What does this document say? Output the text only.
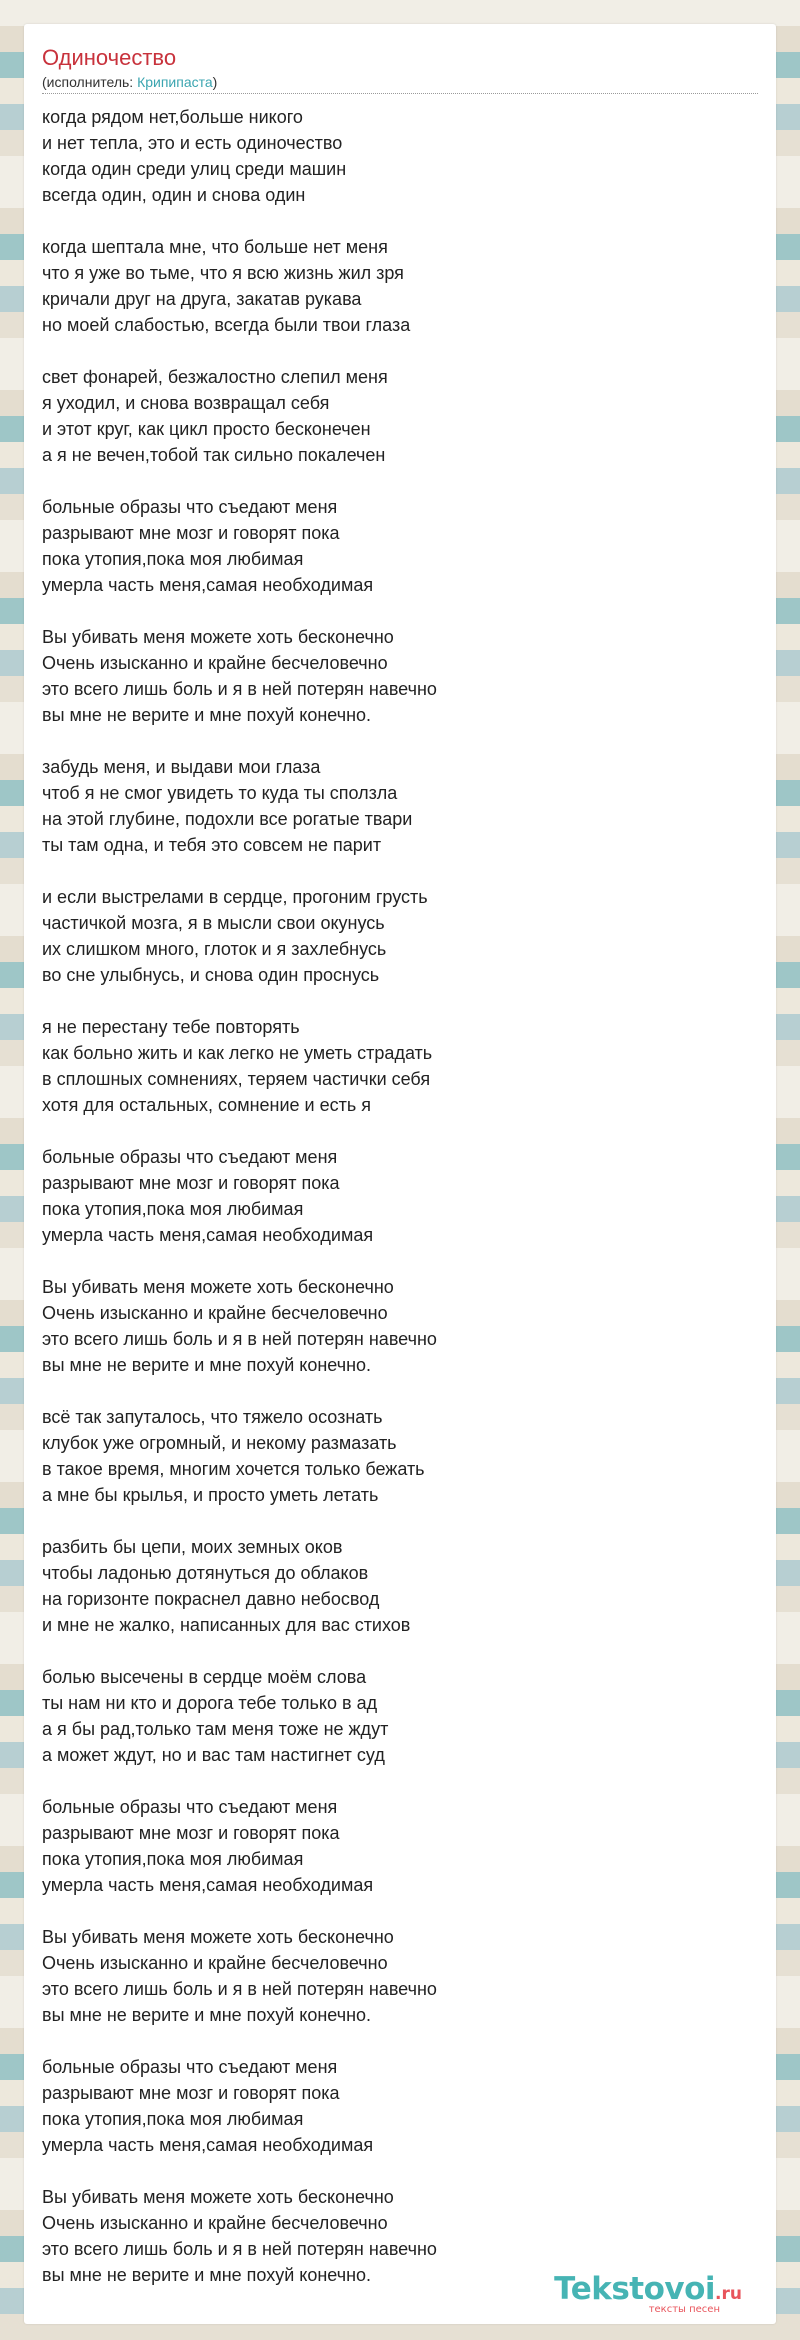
Одиночество
(исполнитель: Крипипаста)
когда рядом нет,больше никого
и нет тепла, это и есть одиночество
когда один среди улиц среди машин
всегда один, один и снова один
когда шептала мне, что больше нет меня
что я уже во тьме, что я всю жизнь жил зря
кричали друг на друга, закатав рукава
но моей слабостью, всегда были твои глаза
свет фонарей, безжалостно слепил меня
я уходил, и снова возвращал себя
и этот круг, как цикл просто бесконечен
а я не вечен,тобой так сильно покалечен
больные образы что съедают меня
разрывают мне мозг и говорят пока
пока утопия,пока моя любимая
умерла часть меня,самая необходимая
Вы убивать меня можете хоть бесконечно
Очень изысканно и крайне бесчеловечно
это всего лишь боль и я в ней потерян навечно
вы мне не верите и мне похуй конечно.
забудь меня, и выдави мои глаза
чтоб я не смог увидеть то куда ты сползла
на этой глубине, подохли все рогатые твари
ты там одна, и тебя это совсем не парит
и если выстрелами в сердце, прогоним грусть
частичкой мозга, я в мысли свои окунусь
их слишком много, глоток и я захлебнусь
во сне улыбнусь, и снова один проснусь
я не перестану тебе повторять
как больно жить и как легко не уметь страдать
в сплошных сомнениях, теряем частички себя
хотя для остальных, сомнение и есть я
больные образы что съедают меня
разрывают мне мозг и говорят пока
пока утопия,пока моя любимая
умерла часть меня,самая необходимая
Вы убивать меня можете хоть бесконечно
Очень изысканно и крайне бесчеловечно
это всего лишь боль и я в ней потерян навечно
вы мне не верите и мне похуй конечно.
всё так запуталось, что тяжело осознать
клубок уже огромный, и некому размазать
в такое время, многим хочется только бежать
а мне бы крылья, и просто уметь летать
разбить бы цепи, моих земных оков
чтобы ладонью дотянуться до облаков
на горизонте покраснел давно небосвод
и мне не жалко, написанных для вас стихов
болью высечены в сердце моём слова
ты нам ни кто и дорога тебе только в ад
а я бы рад,только там меня тоже не ждут
а может ждут, но и вас там настигнет суд
больные образы что съедают меня
разрывают мне мозг и говорят пока
пока утопия,пока моя любимая
умерла часть меня,самая необходимая
Вы убивать меня можете хоть бесконечно
Очень изысканно и крайне бесчеловечно
это всего лишь боль и я в ней потерян навечно
вы мне не верите и мне похуй конечно.
больные образы что съедают меня
разрывают мне мозг и говорят пока
пока утопия,пока моя любимая
умерла часть меня,самая необходимая
Вы убивать меня можете хоть бесконечно
Очень изысканно и крайне бесчеловечно
это всего лишь боль и я в ней потерян навечно
вы мне не верите и мне похуй конечно.	Tekstovoi.ru
тексты песен
